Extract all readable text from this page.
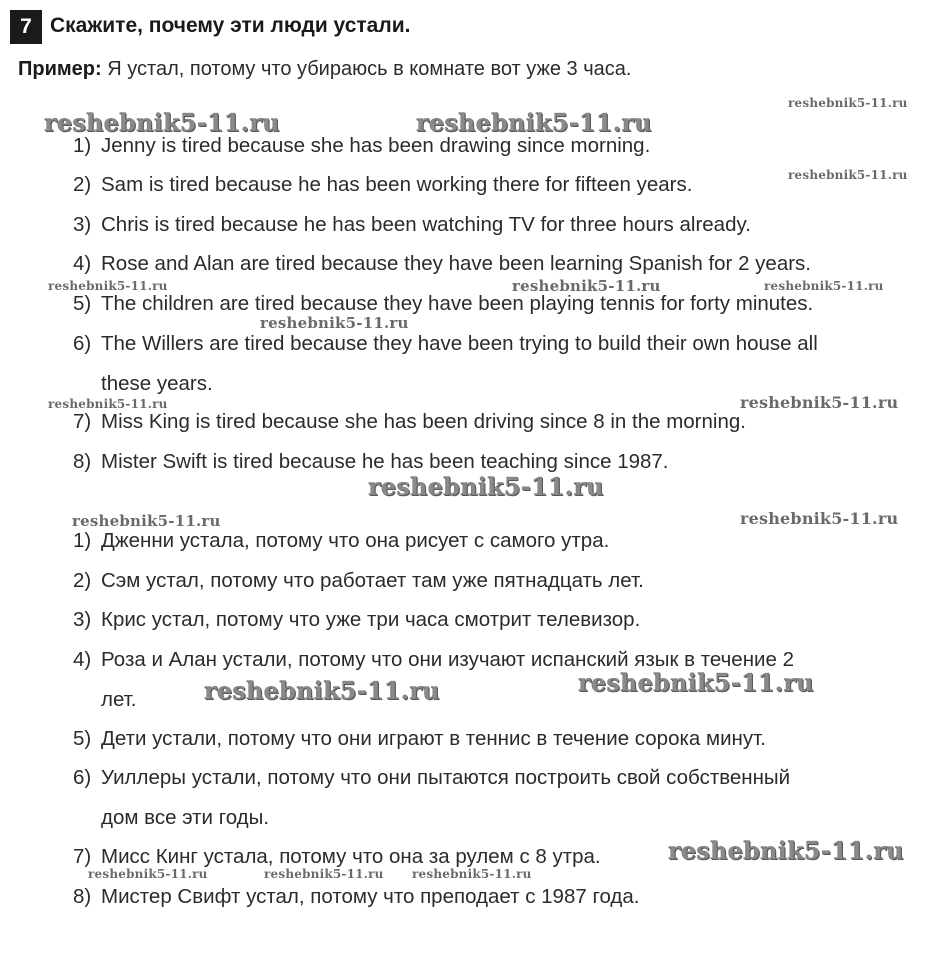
7 Скажите, почему эти люди устали.
Пример: Я устал, потому что убираюсь в комнате вот уже 3 часа.
1) Jenny is tired because she has been drawing since morning.
2) Sam is tired because he has been working there for fifteen years.
3) Chris is tired because he has been watching TV for three hours already.
4) Rose and Alan are tired because they have been learning Spanish for 2 years.
5) The children are tired because they have been playing tennis for forty minutes.
6) The Willers are tired because they have been trying to build their own house all
these years.
7) Miss King is tired because she has been driving since 8 in the morning.
8) Mister Swift is tired because he has been teaching since 1987.
1) Дженни устала, потому что она рисует с самого утра.
2) Сэм устал, потому что работает там уже пятнадцать лет.
3) Крис устал, потому что уже три часа смотрит телевизор.
4) Роза и Алан устали, потому что они изучают испанский язык в течение 2
лет.
5) Дети устали, потому что они играют в теннис в течение сорока минут.
6) Уиллеры устали, потому что они пытаются построить свой собственный
дом все эти годы.
7) Мисс Кинг устала, потому что она за рулем с 8 утра.
8) Мистер Свифт устал, потому что преподает с 1987 года.
reshebnik5-11.ru	reshebnik5-11.ru
reshebnik5-11.ru
reshebnik5-11.ru
reshebnik5-11.ru	reshebnik5-11.ru	reshebnik5-11.ru
reshebnik5-11.ru
reshebnik5-11.ru	reshebnik5-11.ru
reshebnik5-11.ru
reshebnik5-11.ru	reshebnik5-11.ru
reshebnik5-11.ru	reshebnik5-11.ru
reshebnik5-11.ru
reshebnik5-11.ru	reshebnik5-11.ru reshebnik5-11.ru
